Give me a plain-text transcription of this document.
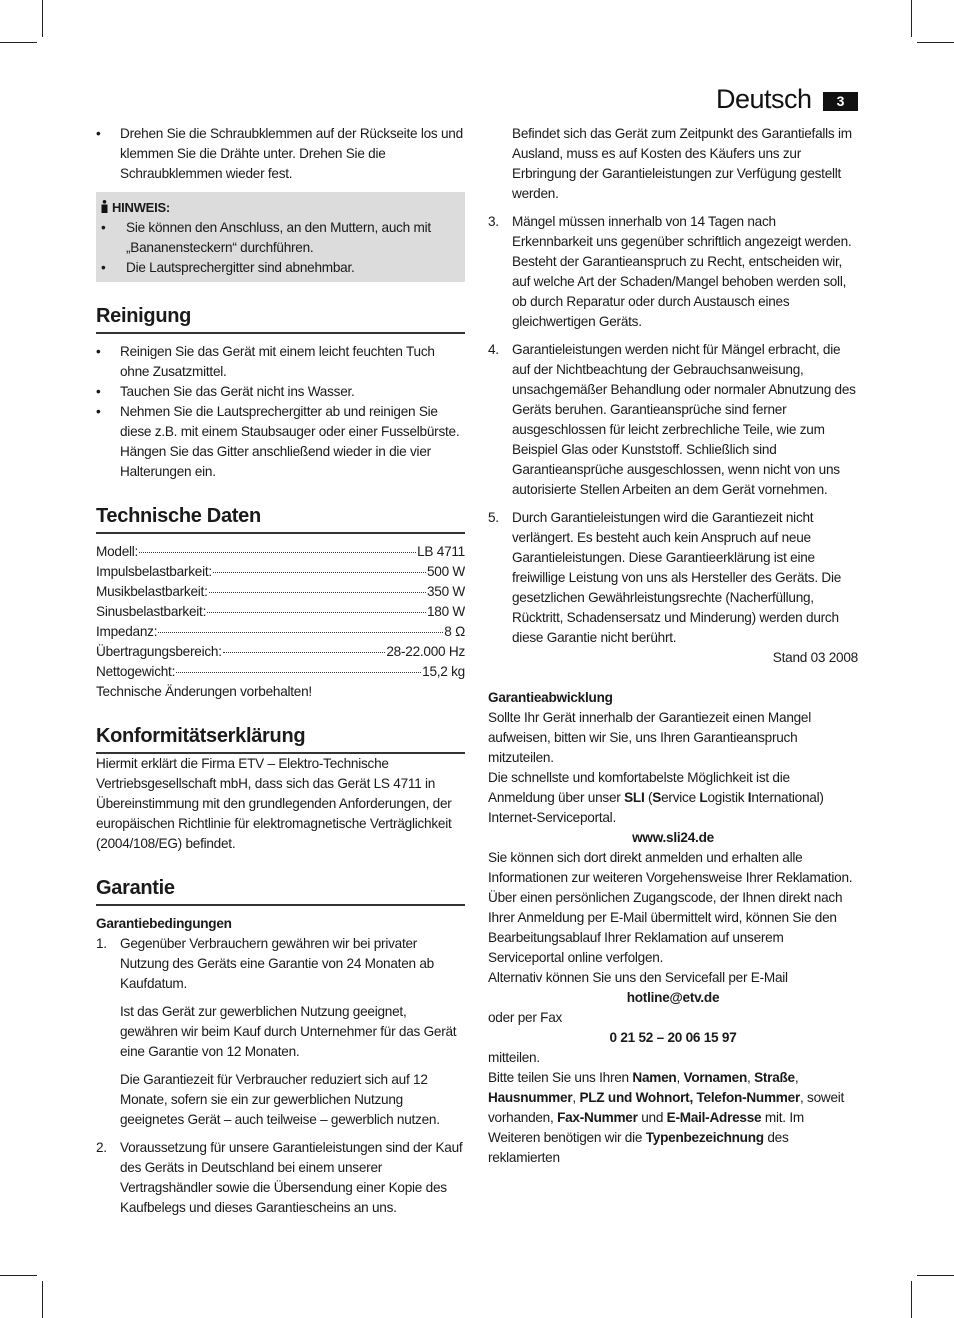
Deutsch	3
• Drehen Sie die Schraubklemmen auf der Rückseite los und klemmen Sie die Drähte unter. Drehen Sie die Schraubklemmen wieder fest.
HINWEIS:
• Sie können den Anschluss, an den Muttern, auch mit „Bananensteckern“ durchführen.
• Die Lautsprechergitter sind abnehmbar.
Reinigung
• Reinigen Sie das Gerät mit einem leicht feuchten Tuch ohne Zusatzmittel.
• Tauchen Sie das Gerät nicht ins Wasser.
• Nehmen Sie die Lautsprechergitter ab und reinigen Sie diese z.B. mit einem Staubsauger oder einer Fusselbürste. Hängen Sie das Gitter anschließend wieder in die vier Halterungen ein.
Technische Daten
Modell:	LB 4711
Impulsbelastbarkeit:	500 W
Musikbelastbarkeit:	350 W
Sinusbelastbarkeit:	180 W
Impedanz:	8 Ω
Übertragungsbereich:	28-22.000 Hz
Nettogewicht:	15,2 kg

Technische Änderungen vorbehalten!

Konformitätserklärung

Hiermit erklärt die Firma ETV – Elektro-Technische Vertriebsgesellschaft mbH, dass sich das Gerät LS 4711 in Übereinstimmung mit den grundlegenden Anforderungen, der europäischen Richtlinie für elektromagnetische Verträglichkeit (2004/108/EG) befindet.

Garantie
Garantiebedingungen
1. Gegenüber Verbrauchern gewähren wir bei privater Nutzung des Geräts eine Garantie von 24 Monaten ab Kaufdatum.

Ist das Gerät zur gewerblichen Nutzung geeignet, gewähren wir beim Kauf durch Unternehmer für das Gerät eine Garantie von 12 Monaten.

Die Garantiezeit für Verbraucher reduziert sich auf 12 Monate, sofern sie ein zur gewerblichen Nutzung geeignetes Gerät – auch teilweise – gewerblich nutzen.

2. Voraussetzung für unsere Garantieleistungen sind der Kauf des Geräts in Deutschland bei einem unserer Vertragshändler sowie die Übersendung einer Kopie des Kaufbelegs und dieses Garantiescheins an uns.

Befindet sich das Gerät zum Zeitpunkt des Garantiefalls im Ausland, muss es auf Kosten des Käufers uns zur Erbringung der Garantieleistungen zur Verfügung gestellt werden.

3. Mängel müssen innerhalb von 14 Tagen nach Erkennbarkeit uns gegenüber schriftlich angezeigt werden. Besteht der Garantieanspruch zu Recht, entscheiden wir, auf welche Art der Schaden/Mangel behoben werden soll, ob durch Reparatur oder durch Austausch eines gleichwertigen Geräts.

4. Garantieleistungen werden nicht für Mängel erbracht, die auf der Nichtbeachtung der Gebrauchsanweisung, unsachgemäßer Behandlung oder normaler Abnutzung des Geräts beruhen. Garantieansprüche sind ferner ausgeschlossen für leicht zerbrechliche Teile, wie zum Beispiel Glas oder Kunststoff. Schließlich sind Garantieansprüche ausgeschlossen, wenn nicht von uns autorisierte Stellen Arbeiten an dem Gerät vornehmen.

5. Durch Garantieleistungen wird die Garantiezeit nicht verlängert. Es besteht auch kein Anspruch auf neue Garantieleistungen. Diese Garantieerklärung ist eine freiwillige Leistung von uns als Hersteller des Geräts. Die gesetzlichen Gewährleistungsrechte (Nacherfüllung, Rücktritt, Schadensersatz und Minderung) werden durch diese Garantie nicht berührt.

Stand 03 2008

Garantieabwicklung

Sollte Ihr Gerät innerhalb der Garantiezeit einen Mangel aufweisen, bitten wir Sie, uns Ihren Garantieanspruch mitzuteilen.

Die schnellste und komfortabelste Möglichkeit ist die Anmeldung über unser SLI (Service Logistik International) Internet-Serviceportal.

www.sli24.de

Sie können sich dort direkt anmelden und erhalten alle Informationen zur weiteren Vorgehensweise Ihrer Reklamation.

Über einen persönlichen Zugangscode, der Ihnen direkt nach Ihrer Anmeldung per E-Mail übermittelt wird, können Sie den Bearbeitungsablauf Ihrer Reklamation auf unserem Serviceportal online verfolgen.

Alternativ können Sie uns den Servicefall per E-Mail

hotline@etv.de

oder per Fax

0 21 52 – 20 06 15 97

mitteilen.

Bitte teilen Sie uns Ihren Namen, Vornamen, Straße, Hausnummer, PLZ und Wohnort, Telefon-Nummer, soweit vorhanden, Fax-Nummer und E-Mail-Adresse mit. Im Weiteren benötigen wir die Typenbezeichnung des reklamierten
